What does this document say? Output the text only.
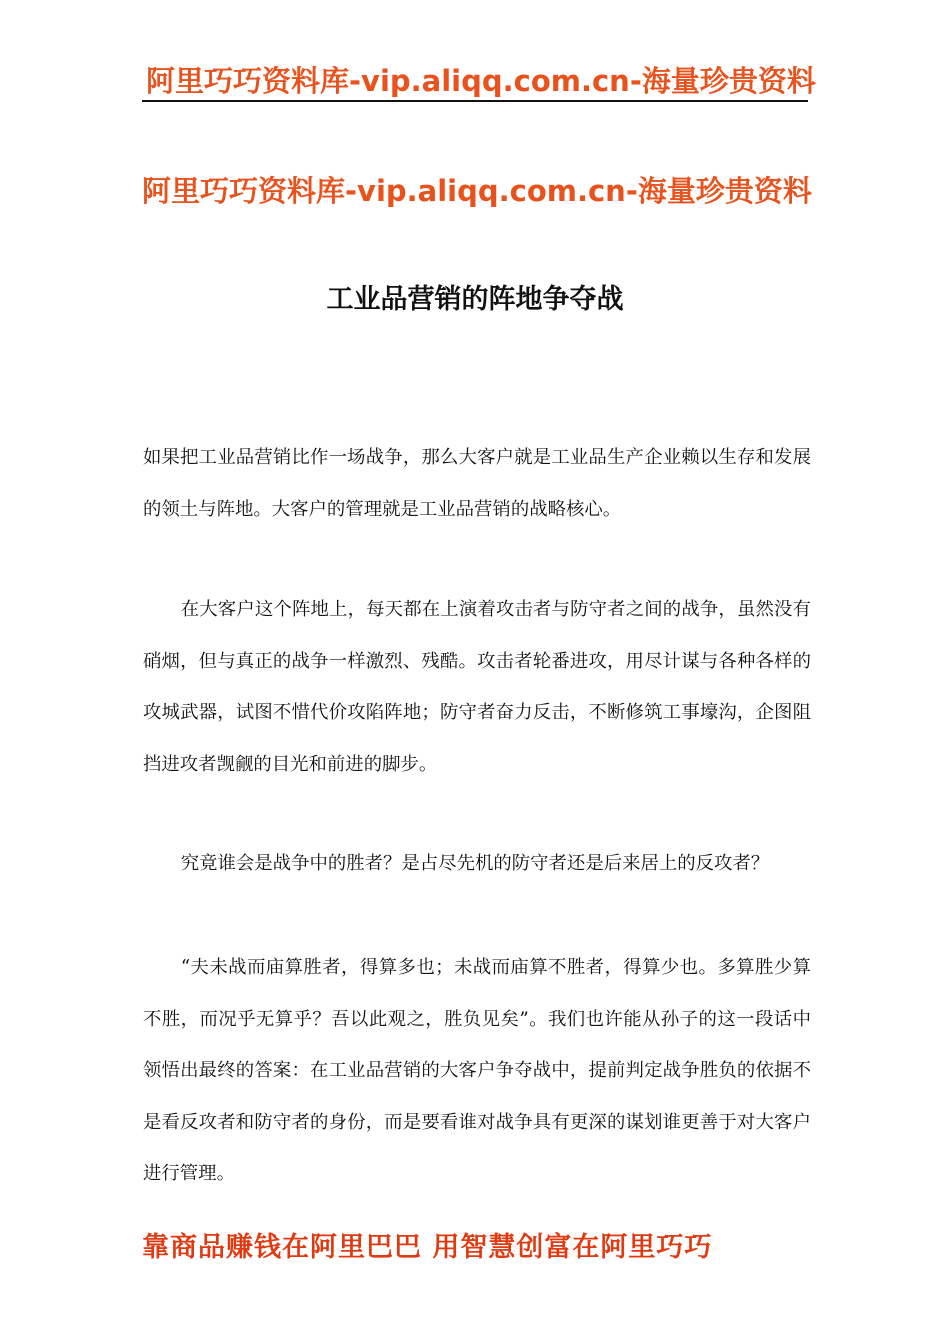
阿里巧巧资料库-vip.aliqq.com.cn-海量珍贵资料
阿里巧巧资料库-vip.aliqq.com.cn-海量珍贵资料
工业品营销的阵地争夺战
如果把工业品营销比作一场战争，那么大客户就是工业品生产企业赖以生存和发展的领土与阵地。大客户的管理就是工业品营销的战略核心。
在大客户这个阵地上，每天都在上演着攻击者与防守者之间的战争，虽然没有硝烟，但与真正的战争一样激烈、残酷。攻击者轮番进攻，用尽计谋与各种各样的攻城武器，试图不惜代价攻陷阵地；防守者奋力反击，不断修筑工事壕沟，企图阻挡进攻者觊觎的目光和前进的脚步。
究竟谁会是战争中的胜者？是占尽先机的防守者还是后来居上的反攻者？
“夫未战而庙算胜者，得算多也；未战而庙算不胜者，得算少也。多算胜少算不胜，而况乎无算乎？吾以此观之，胜负见矣”。我们也许能从孙子的这一段话中领悟出最终的答案：在工业品营销的大客户争夺战中，提前判定战争胜负的依据不是看反攻者和防守者的身份，而是要看谁对战争具有更深的谋划谁更善于对大客户进行管理。
靠商品赚钱在阿里巴巴 用智慧创富在阿里巧巧
